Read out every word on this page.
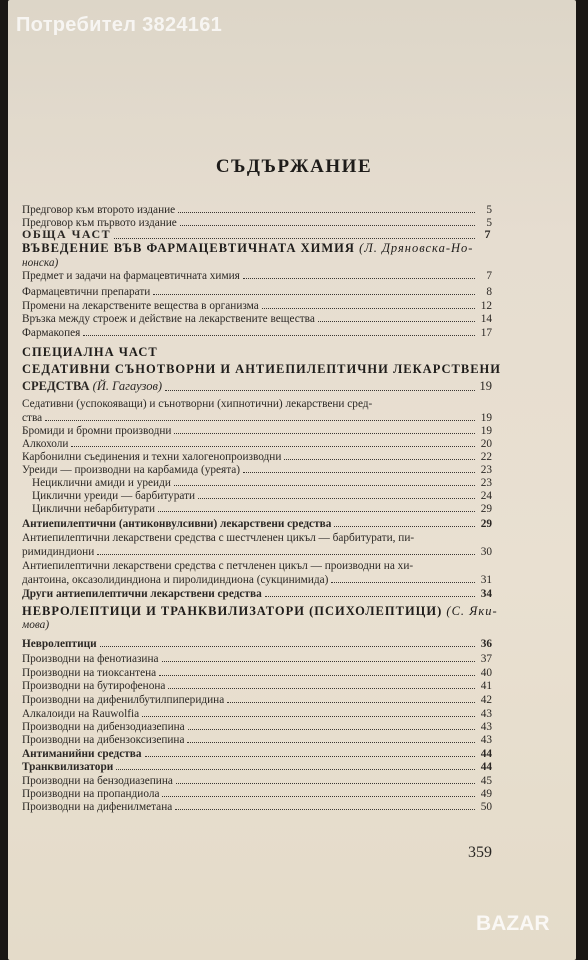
Потребител 3824161
СЪДЪРЖАНИЕ
Предговор към второто издание	5
Предговор към първото издание	5
ОБЩА ЧАСТ	7
ВЪВЕДЕНИЕ ВЪВ ФАРМАЦЕВТИЧНАТА ХИМИЯ (Л. Дряновска-Но-
нонска)
Предмет и задачи на фармацевтичната химия	7
Фармацевтични препарати	8
Промени на лекарствените вещества в организма	12
Връзка между строеж и действие на лекарствените вещества	14
Фармакопея	17
СПЕЦИАЛНА ЧАСТ
СЕДАТИВНИ СЪНОТВОРНИ И АНТИЕПИЛЕПТИЧНИ ЛЕКАРСТВЕНИ
СРЕДСТВА (Й. Гагаузов)	19
Седативни (успокояващи) и сънотворни (хипнотични) лекарствени сред-
ства	19
Бромиди и бромни производни	19
Алкохоли	20
Карбонилни съединения и техни халогенопроизводни	22
Уреиди — производни на карбамида (уреята)	23
Нециклични амиди и уреиди	23
Циклични уреиди — барбитурати	24
Циклични небарбитурати	29
Антиепилептични (антиконвулсивни) лекарствени средства	29
Антиепилептични лекарствени средства с шестчленен цикъл — барбитурати, пи-
римидиндиони	30
Антиепилептични лекарствени средства с петчленен цикъл — производни на хи-
дантоина, оксазолидиндиона и пиролидиндиона (сукцинимида)	31
Други антиепилептични лекарствени средства	34
НЕВРОЛЕПТИЦИ И ТРАНКВИЛИЗАТОРИ (ПСИХОЛЕПТИЦИ) (С. Яки-
мова)
Невролептици	36
Производни на фенотиазина	37
Производни на тиоксантена	40
Производни на бутирофенона	41
Производни на дифенилбутилпиперидина	42
Алкалоиди на Rauwolfia	43
Производни на дибензодиазепина	43
Производни на дибензоксизепина	43
Антиманийни средства	44
Транквилизатори	44
Производни на бензодиазепина	45
Производни на пропандиола	49
Производни на дифенилметана	50
359
BAZAR
